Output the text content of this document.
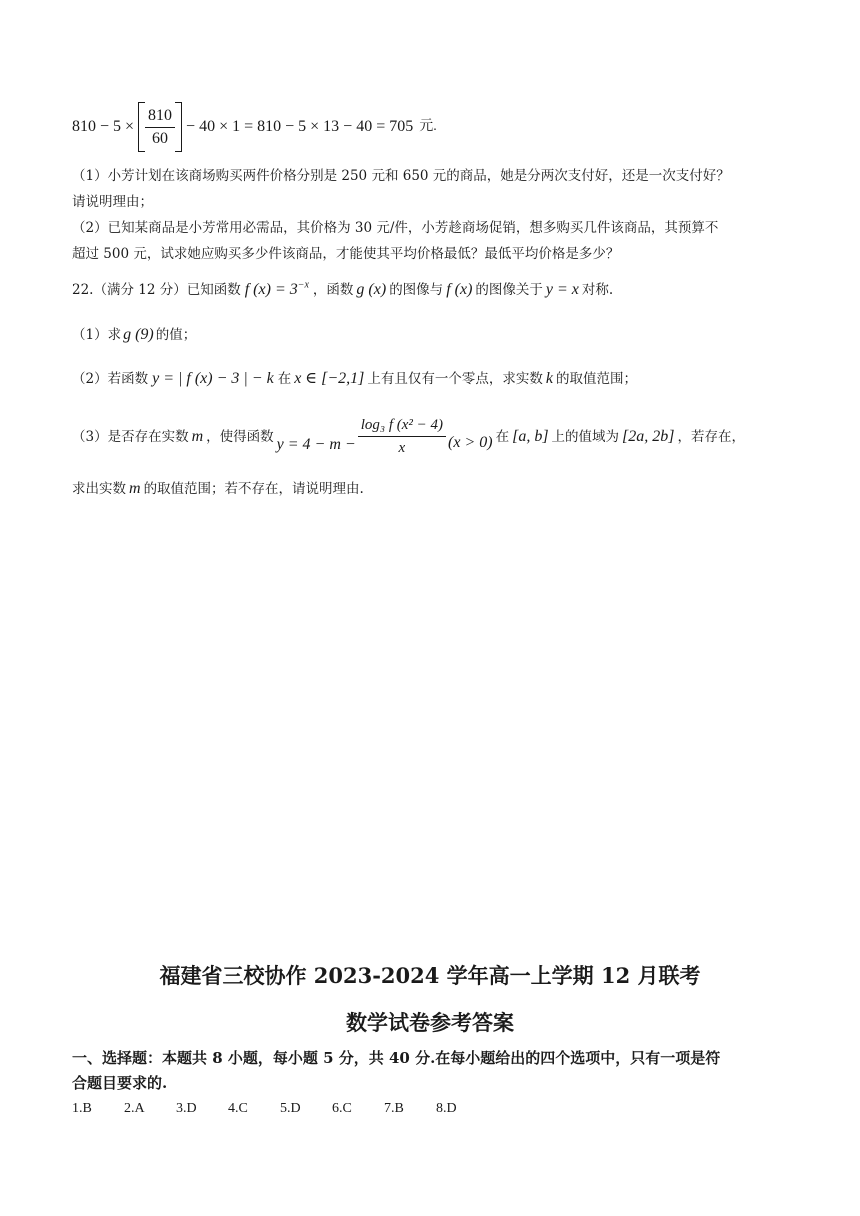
$810 - 5 \times \frac{810}{60} - 40 \times 1 = 810 - 5 \times 13 - 40 = 705$ 元.
（1）小芳计划在该商场购买两件价格分别是 250 元和 650 元的商品，她是分两次支付好，还是一次支付好？
请说明理由；
（2）已知某商品是小芳常用必需品，其价格为 30 元/件，小芳趁商场促销，想多购买几件该商品，其预算不
超过 500 元，试求她应购买多少件该商品，才能使其平均价格最低？最低平均价格是多少？
22.（满分 12 分）已知函数 f $(x) = 3^{-x}$ ，函数 g (x) 的图像与 f (x) 的图像关于 y = x 对称.
（1）求 g (9) 的值；
（2）若函数 y = | f (x) − 3 | − k 在 x ∈ [−2,1] 上有且仅有一个零点，求实数 k 的取值范围；
（3）是否存在实数 m ，使得函数 $y = 4 - m - \frac{\text{log₃ f (x² − 4)}}{x} (x > 0)$ 在 [a, b] 上的值域为 [2a, 2b] ，若存在，
求出实数 m 的取值范围；若不存在，请说明理由.
福建省三校协作 2023-2024 学年高一上学期 12 月联考
数学试卷参考答案
一、选择题：本题共 8 小题，每小题 5 分，共 40 分.在每小题给出的四个选项中，只有一项是符
合题目要求的.
1.B 2.A 3.D 4.C 5.D 6.C 7.B 8.D
